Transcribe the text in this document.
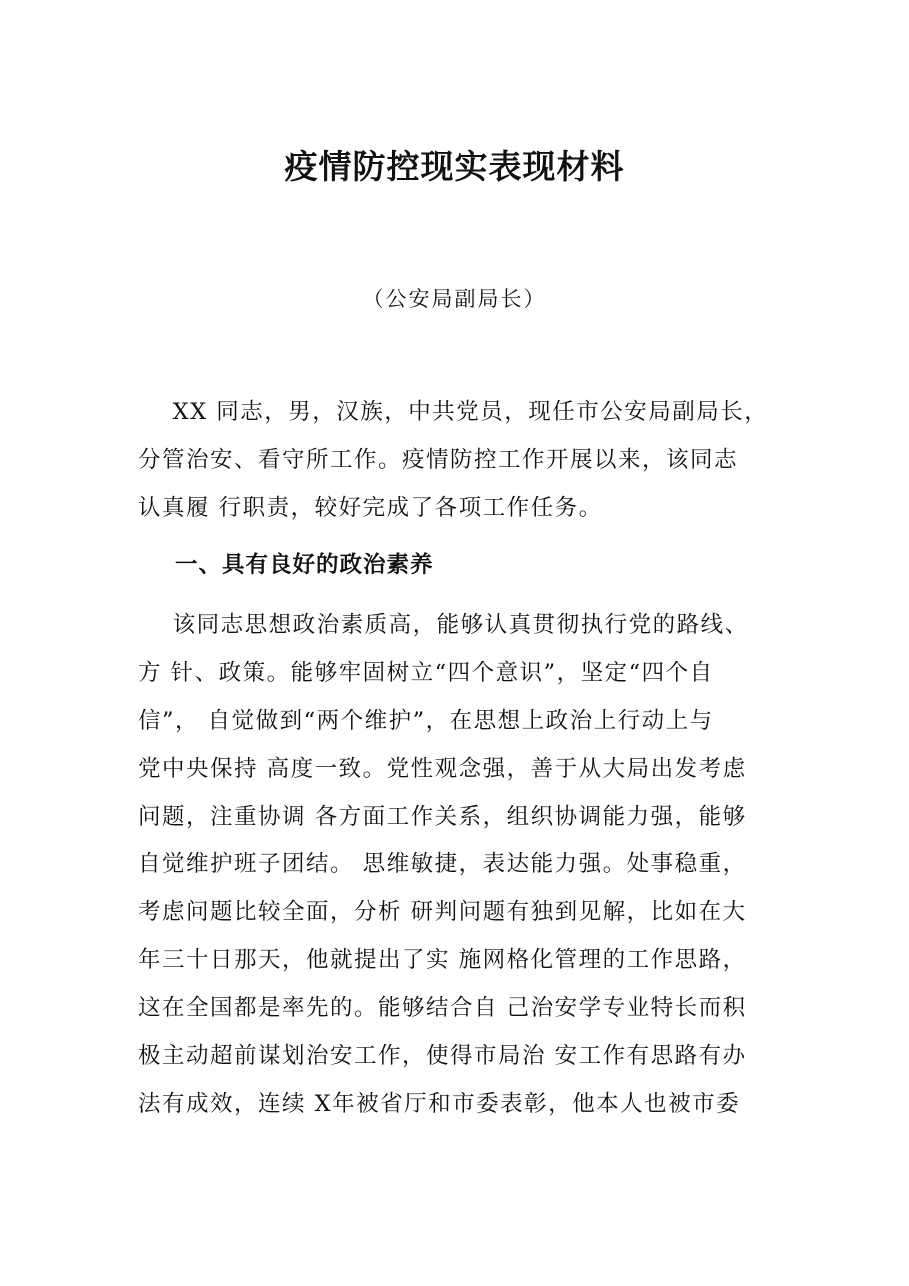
疫情防控现实表现材料
（公安局副局长）
XX 同志，男，汉族，中共党员，现任市公安局副局长，
分管治安、看守所工作。疫情防控工作开展以来，该同志
认真履 行职责，较好完成了各项工作任务。
一、具有良好的政治素养
该同志思想政治素质高，能够认真贯彻执行党的路线、
方 针、政策。能够牢固树立“四个意识”，坚定“四个自
信”， 自觉做到“两个维护”，在思想上政治上行动上与
党中央保持 高度一致。党性观念强，善于从大局出发考虑
问题，注重协调 各方面工作关系，组织协调能力强，能够
自觉维护班子团结。 思维敏捷，表达能力强。处事稳重，
考虑问题比较全面，分析 研判问题有独到见解，比如在大
年三十日那天，他就提出了实 施网格化管理的工作思路，
这在全国都是率先的。能够结合自 己治安学专业特长而积
极主动超前谋划治安工作，使得市局治 安工作有思路有办
法有成效，连续 X年被省厅和市委表彰，他本人也被市委
